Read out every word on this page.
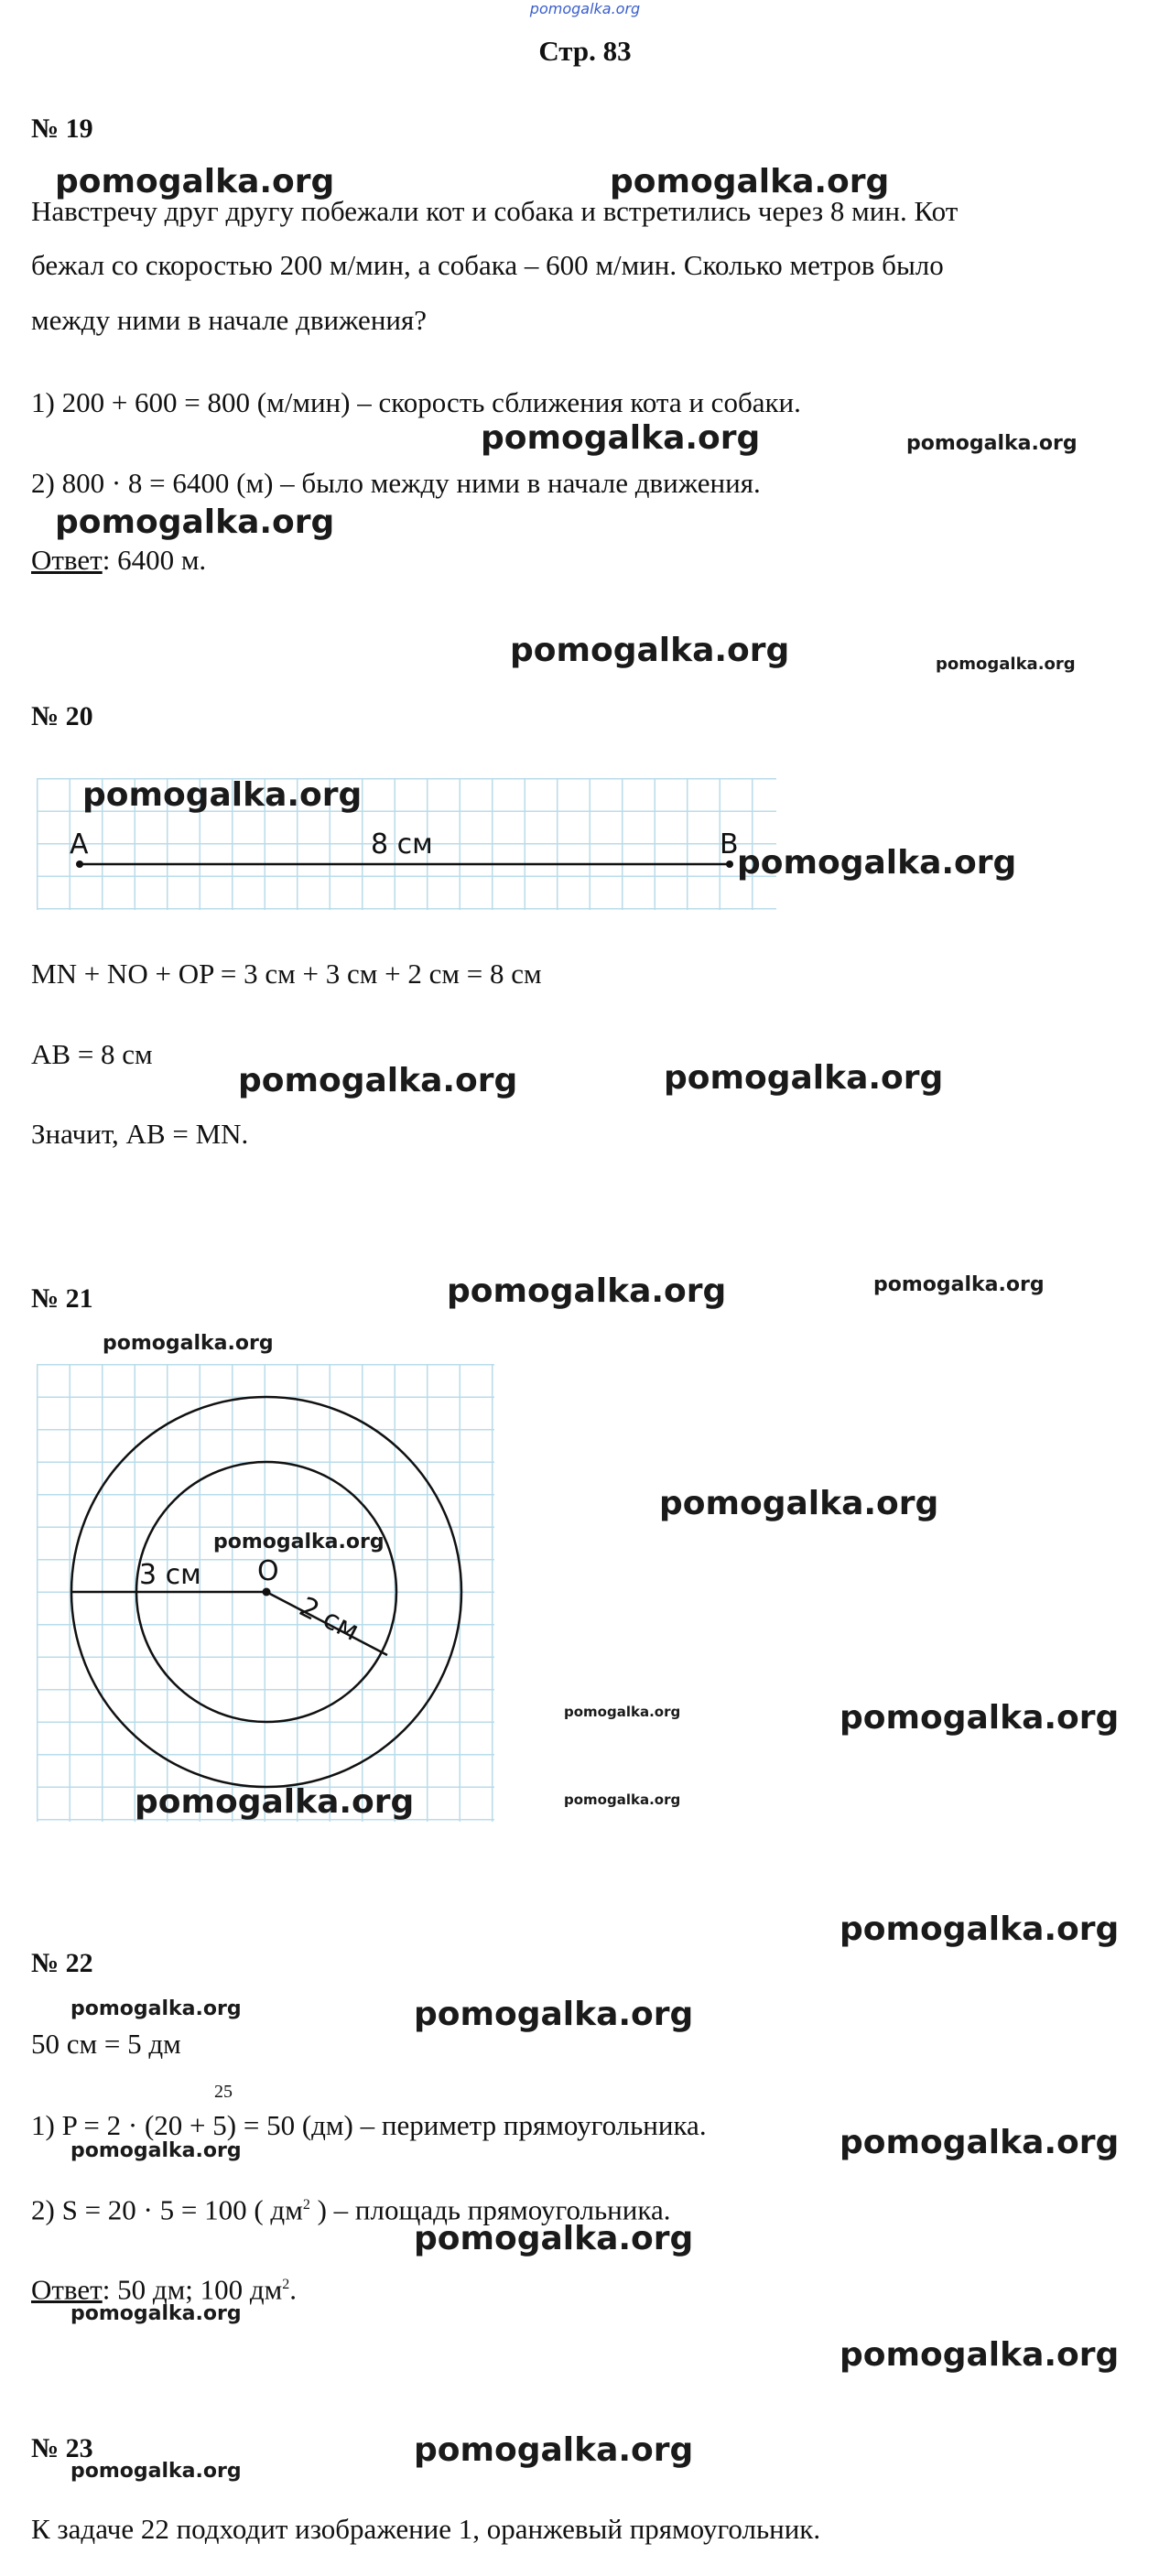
pomogalka.org
Стр. 83
№ 19
Навстречу друг другу побежали кот и собака и встретились через 8 мин. Кот
бежал со скоростью 200 м/мин, а собака – 600 м/мин. Сколько метров было
между ними в начале движения?
1) 200 + 600 = 800 (м/мин) – скорость сближения кота и собаки.
2) 800 · 8 = 6400 (м) – было между ними в начале движения.
Ответ: 6400 м.
№ 20
A	B
8 см
MN + NO + OP = 3 см + 3 см + 2 см = 8 см
AB = 8 см
Значит, AB = MN.
№ 21
O
3 см
2 см
№ 22
50 см = 5 дм
25
1) P = 2 · (20 + 5) = 50 (дм) – периметр прямоугольника.
2) S = 20 · 5 = 100 ( $дм^2$ ) – площадь прямоугольника.
Ответ: 50 дм; 100 $дм^2$.
№ 23
К задаче 22 подходит изображение 1, оранжевый прямоугольник.
pomogalka.org	pomogalka.org
pomogalka.org	pomogalka.org
pomogalka.org
pomogalka.org	pomogalka.org
pomogalka.org
pomogalka.org
pomogalka.org	pomogalka.org
pomogalka.org	pomogalka.org
pomogalka.org
pomogalka.org
pomogalka.org
pomogalka.org	pomogalka.org
pomogalka.org	pomogalka.org
pomogalka.org
pomogalka.org	pomogalka.org
pomogalka.org	pomogalka.org
pomogalka.org
pomogalka.org
pomogalka.org
pomogalka.org
pomogalka.org
